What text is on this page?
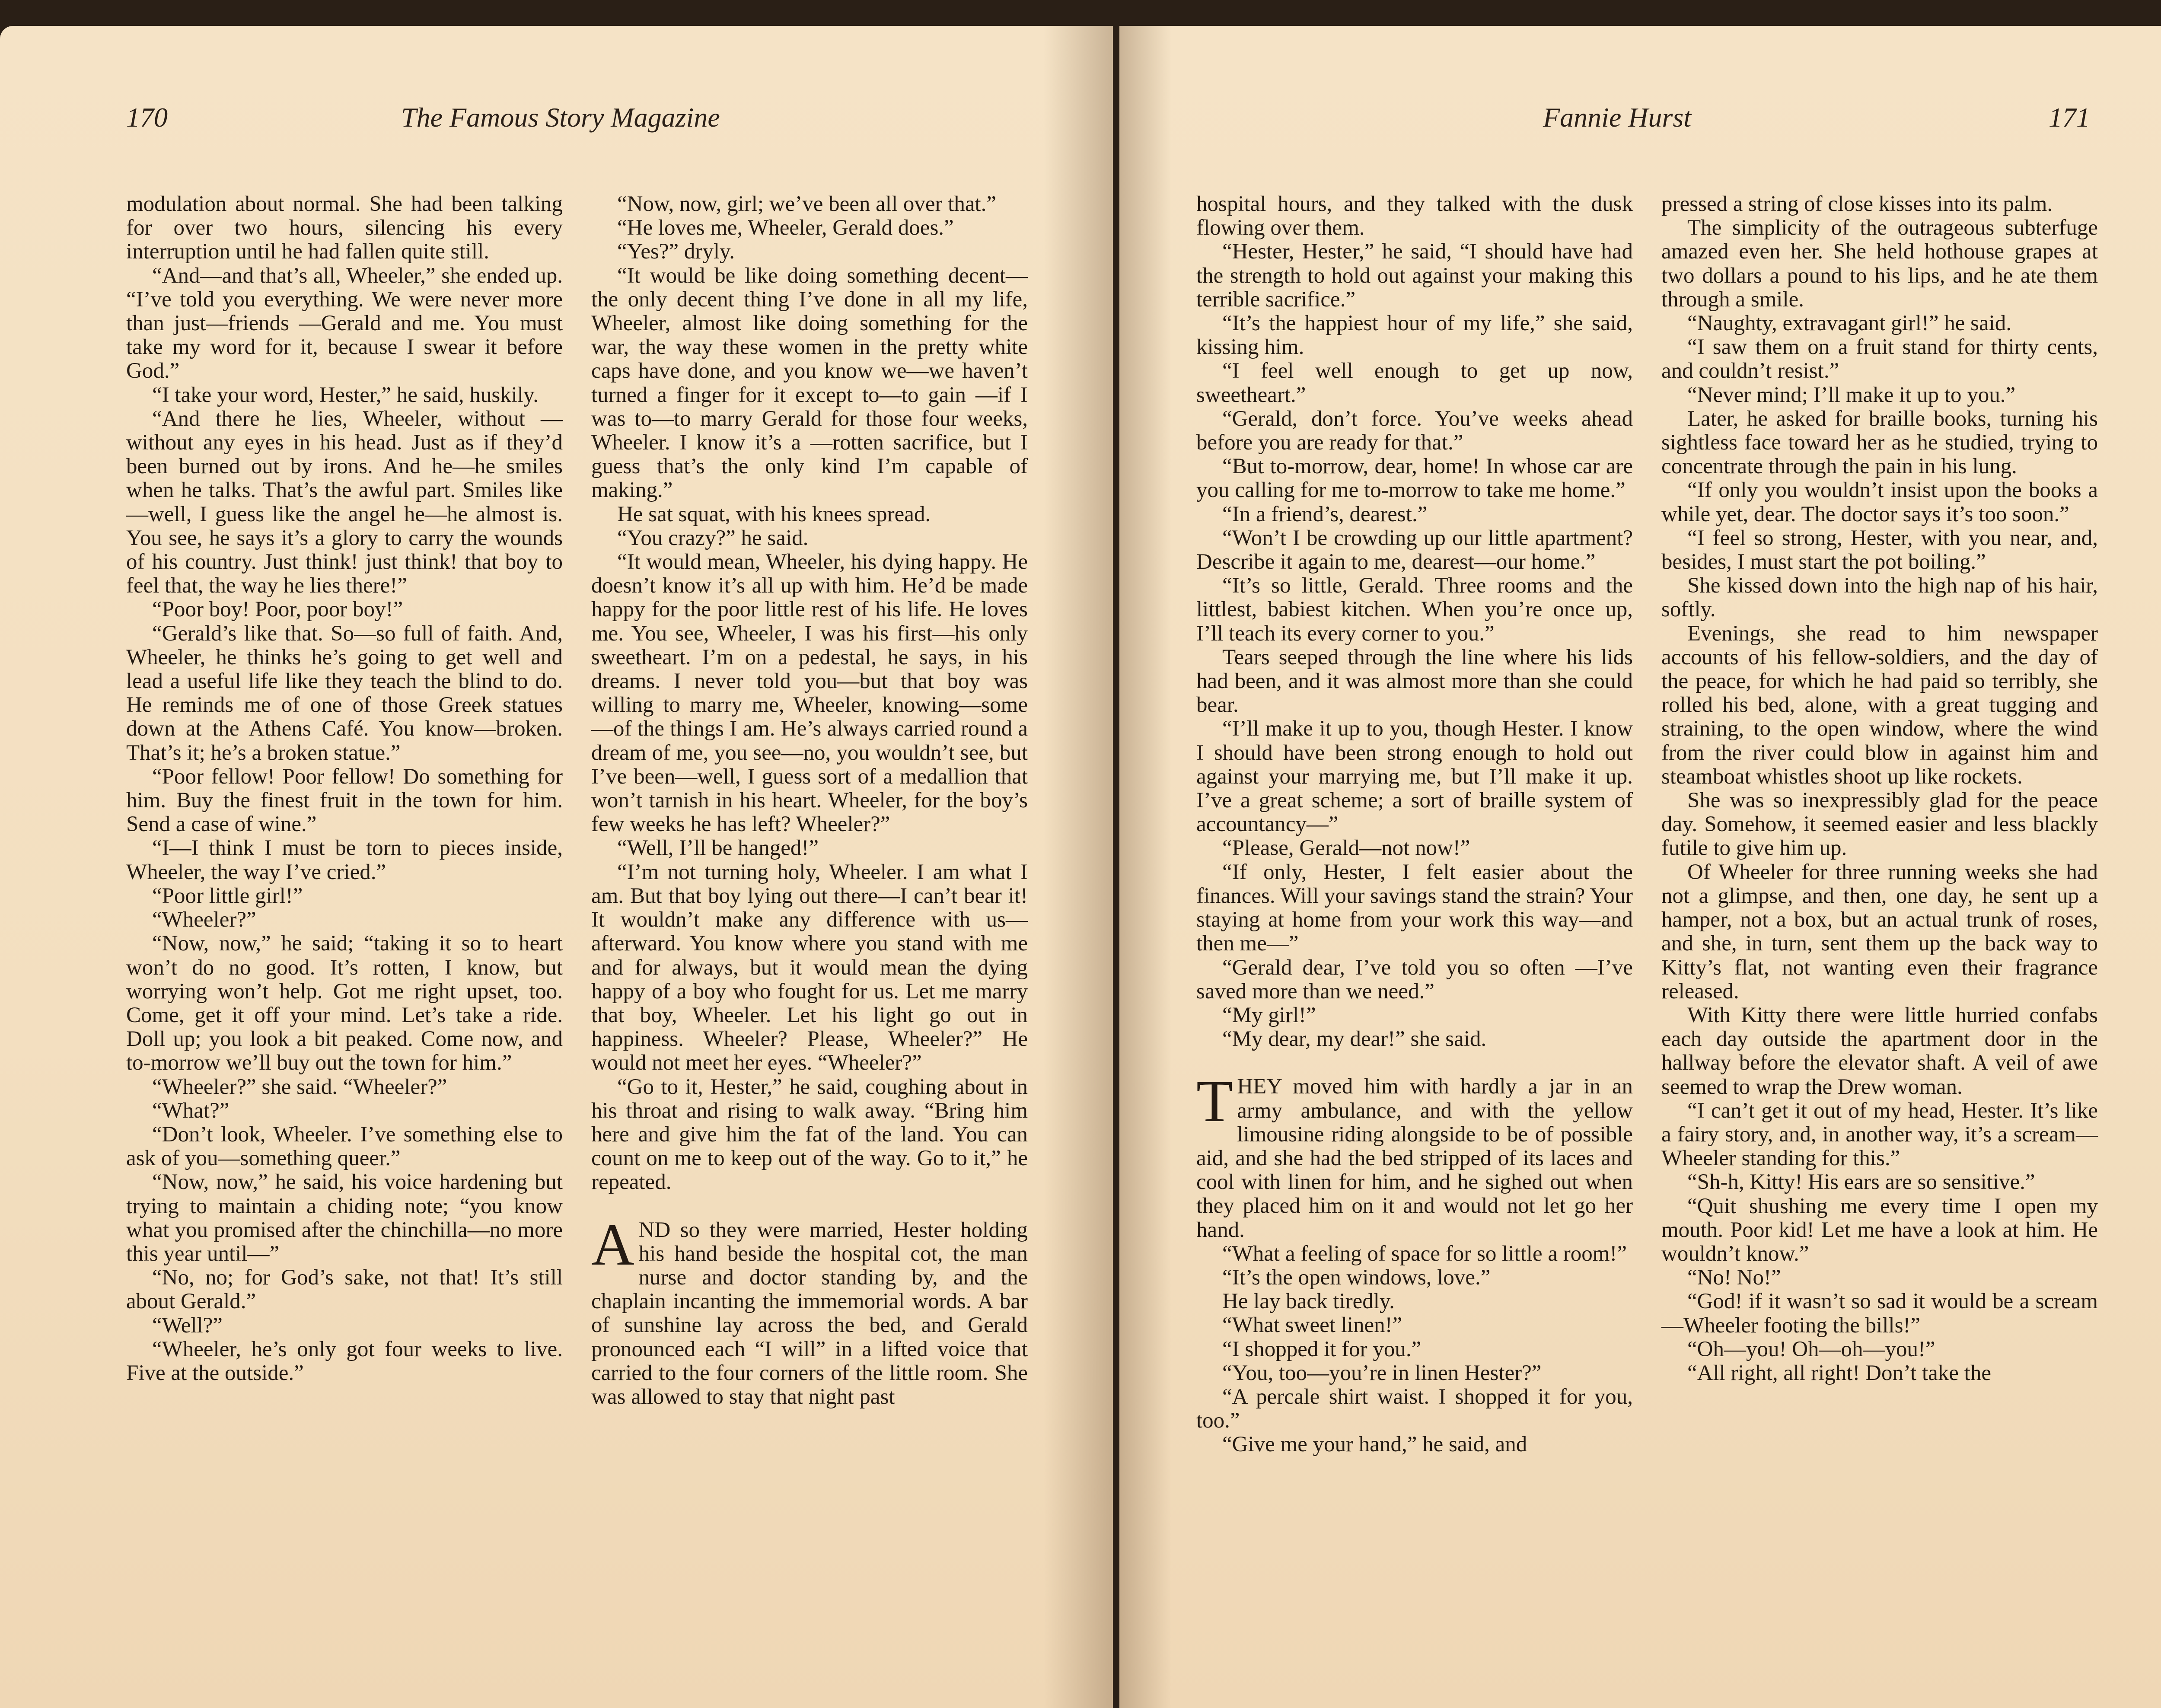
170	The Famous Story Magazine

modulation about normal. She had been talking for over two hours, silencing his every interruption until he had fallen quite still.

“And—and that’s all, Wheeler,” she ended up. “I’ve told you everything. We were never more than just—friends —Gerald and me. You must take my word for it, because I swear it before God.”

“I take your word, Hester,” he said, huskily.

“And there he lies, Wheeler, without —without any eyes in his head. Just as if they’d been burned out by irons. And he—he smiles when he talks. That’s the awful part. Smiles like—well, I guess like the angel he—he almost is. You see, he says it’s a glory to carry the wounds of his country. Just think! just think! that boy to feel that, the way he lies there!”

“Poor boy! Poor, poor boy!”

“Gerald’s like that. So—so full of faith. And, Wheeler, he thinks he’s going to get well and lead a useful life like they teach the blind to do. He reminds me of one of those Greek statues down at the Athens Café. You know—broken. That’s it; he’s a broken statue.”

“Poor fellow! Poor fellow! Do something for him. Buy the finest fruit in the town for him. Send a case of wine.”

“I—I think I must be torn to pieces inside, Wheeler, the way I’ve cried.”

“Poor little girl!”

“Wheeler?”

“Now, now,” he said; “taking it so to heart won’t do no good. It’s rotten, I know, but worrying won’t help. Got me right upset, too. Come, get it off your mind. Let’s take a ride. Doll up; you look a bit peaked. Come now, and to-morrow we’ll buy out the town for him.”

“Wheeler?” she said. “Wheeler?”

“What?”

“Don’t look, Wheeler. I’ve something else to ask of you—something queer.”

“Now, now,” he said, his voice hardening but trying to maintain a chiding note; “you know what you promised after the chinchilla—no more this year until—”

“No, no; for God’s sake, not that! It’s still about Gerald.”

“Well?”

“Wheeler, he’s only got four weeks to live. Five at the outside.”

“Now, now, girl; we’ve been all over that.”

“He loves me, Wheeler, Gerald does.”

“Yes?” dryly.

“It would be like doing something decent—the only decent thing I’ve done in all my life, Wheeler, almost like doing something for the war, the way these women in the pretty white caps have done, and you know we—we haven’t turned a finger for it except to—to gain —if I was to—to marry Gerald for those four weeks, Wheeler. I know it’s a —rotten sacrifice, but I guess that’s the only kind I’m capable of making.”

He sat squat, with his knees spread.

“You crazy?” he said.

“It would mean, Wheeler, his dying happy. He doesn’t know it’s all up with him. He’d be made happy for the poor little rest of his life. He loves me. You see, Wheeler, I was his first—his only sweetheart. I’m on a pedestal, he says, in his dreams. I never told you—but that boy was willing to marry me, Wheeler, knowing—some—of the things I am. He’s always carried round a dream of me, you see—no, you wouldn’t see, but I’ve been—well, I guess sort of a medallion that won’t tarnish in his heart. Wheeler, for the boy’s few weeks he has left? Wheeler?”

“Well, I’ll be hanged!”

“I’m not turning holy, Wheeler. I am what I am. But that boy lying out there—I can’t bear it! It wouldn’t make any difference with us—afterward. You know where you stand with me and for always, but it would mean the dying happy of a boy who fought for us. Let me marry that boy, Wheeler. Let his light go out in happiness. Wheeler? Please, Wheeler?” He would not meet her eyes. “Wheeler?”

“Go to it, Hester,” he said, coughing about in his throat and rising to walk away. “Bring him here and give him the fat of the land. You can count on me to keep out of the way. Go to it,” he repeated.

AND so they were married, Hester holding his hand beside the hospital cot, the man nurse and doctor standing by, and the chaplain incanting the immemorial words. A bar of sunshine lay across the bed, and Gerald pronounced each “I will” in a lifted voice that carried to the four corners of the little room. She was allowed to stay that night past

Fannie Hurst	171

hospital hours, and they talked with the dusk flowing over them.

“Hester, Hester,” he said, “I should have had the strength to hold out against your making this terrible sacrifice.”

“It’s the happiest hour of my life,” she said, kissing him.

“I feel well enough to get up now, sweetheart.”

“Gerald, don’t force. You’ve weeks ahead before you are ready for that.”

“But to-morrow, dear, home! In whose car are you calling for me to-morrow to take me home.”

“In a friend’s, dearest.”

“Won’t I be crowding up our little apartment? Describe it again to me, dearest—our home.”

“It’s so little, Gerald. Three rooms and the littlest, babiest kitchen. When you’re once up, I’ll teach its every corner to you.”

Tears seeped through the line where his lids had been, and it was almost more than she could bear.

“I’ll make it up to you, though Hester. I know I should have been strong enough to hold out against your marrying me, but I’ll make it up. I’ve a great scheme; a sort of braille system of accountancy—”

“Please, Gerald—not now!”

“If only, Hester, I felt easier about the finances. Will your savings stand the strain? Your staying at home from your work this way—and then me—”

“Gerald dear, I’ve told you so often —I’ve saved more than we need.”

“My girl!”

“My dear, my dear!” she said.

THEY moved him with hardly a jar in an army ambulance, and with the yellow limousine riding alongside to be of possible aid, and she had the bed stripped of its laces and cool with linen for him, and he sighed out when they placed him on it and would not let go her hand.

“What a feeling of space for so little a room!”

“It’s the open windows, love.”

He lay back tiredly.

“What sweet linen!”

“I shopped it for you.”

“You, too—you’re in linen Hester?”

“A percale shirt waist. I shopped it for you, too.”

“Give me your hand,” he said, and

pressed a string of close kisses into its palm.

The simplicity of the outrageous subterfuge amazed even her. She held hothouse grapes at two dollars a pound to his lips, and he ate them through a smile.

“Naughty, extravagant girl!” he said.

“I saw them on a fruit stand for thirty cents, and couldn’t resist.”

“Never mind; I’ll make it up to you.”

Later, he asked for braille books, turning his sightless face toward her as he studied, trying to concentrate through the pain in his lung.

“If only you wouldn’t insist upon the books a while yet, dear. The doctor says it’s too soon.”

“I feel so strong, Hester, with you near, and, besides, I must start the pot boiling.”

She kissed down into the high nap of his hair, softly.

Evenings, she read to him newspaper accounts of his fellow-soldiers, and the day of the peace, for which he had paid so terribly, she rolled his bed, alone, with a great tugging and straining, to the open window, where the wind from the river could blow in against him and steamboat whistles shoot up like rockets.

She was so inexpressibly glad for the peace day. Somehow, it seemed easier and less blackly futile to give him up.

Of Wheeler for three running weeks she had not a glimpse, and then, one day, he sent up a hamper, not a box, but an actual trunk of roses, and she, in turn, sent them up the back way to Kitty’s flat, not wanting even their fragrance released.

With Kitty there were little hurried confabs each day outside the apartment door in the hallway before the elevator shaft. A veil of awe seemed to wrap the Drew woman.

“I can’t get it out of my head, Hester. It’s like a fairy story, and, in another way, it’s a scream—Wheeler standing for this.”

“Sh-h, Kitty! His ears are so sensitive.”

“Quit shushing me every time I open my mouth. Poor kid! Let me have a look at him. He wouldn’t know.”

“No! No!”

“God! if it wasn’t so sad it would be a scream—Wheeler footing the bills!”

“Oh—you! Oh—oh—you!”

“All right, all right! Don’t take the
